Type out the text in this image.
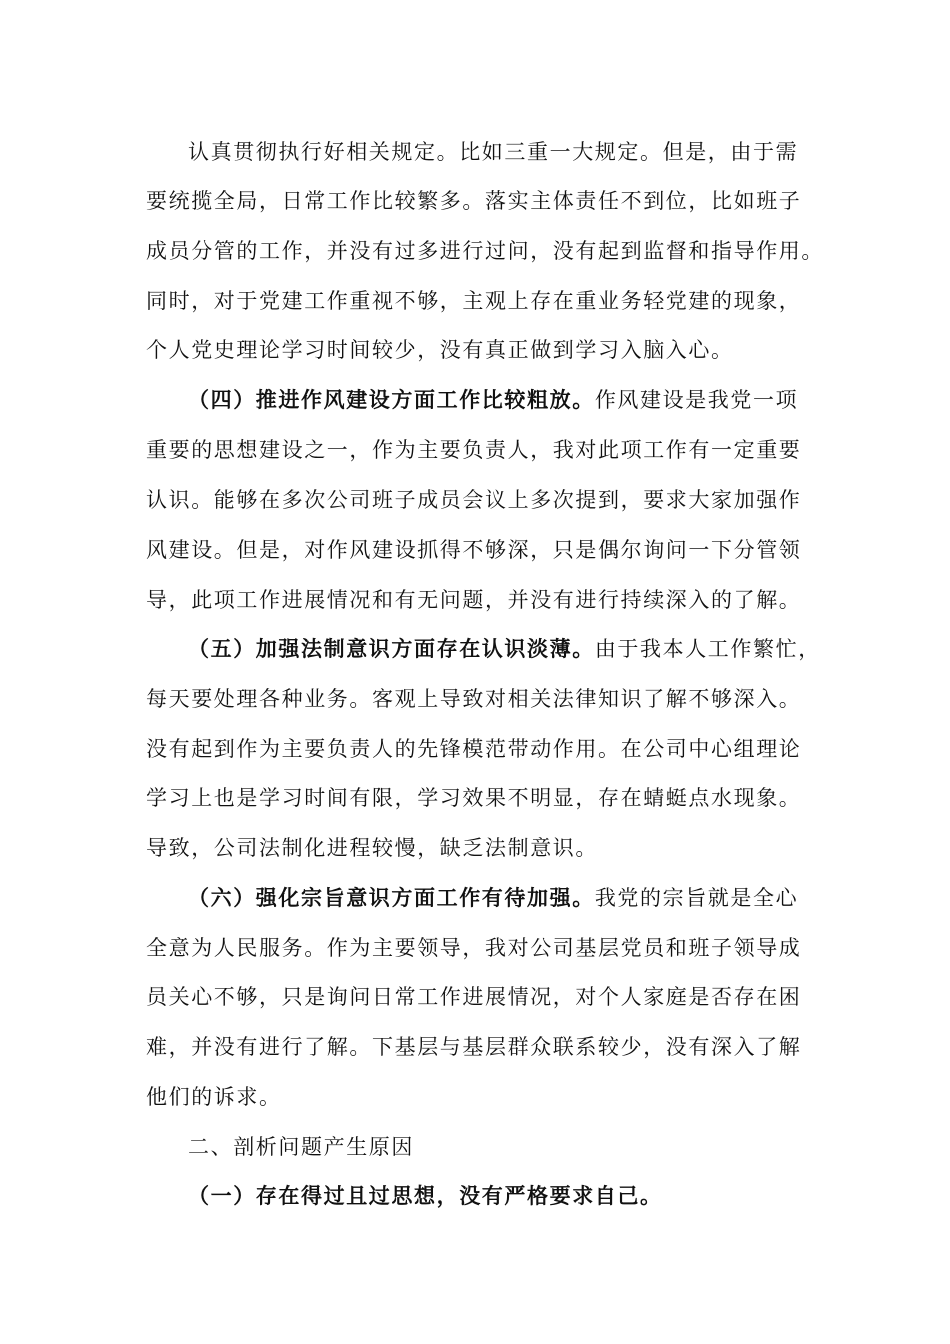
认真贯彻执行好相关规定。比如三重一大规定。但是，由于需
要统揽全局，日常工作比较繁多。落实主体责任不到位，比如班子
成员分管的工作，并没有过多进行过问，没有起到监督和指导作用。
同时，对于党建工作重视不够，主观上存在重业务轻党建的现象，
个人党史理论学习时间较少，没有真正做到学习入脑入心。
（四）推进作风建设方面工作比较粗放。作风建设是我党一项
重要的思想建设之一，作为主要负责人，我对此项工作有一定重要
认识。能够在多次公司班子成员会议上多次提到，要求大家加强作
风建设。但是，对作风建设抓得不够深，只是偶尔询问一下分管领
导，此项工作进展情况和有无问题，并没有进行持续深入的了解。
（五）加强法制意识方面存在认识淡薄。由于我本人工作繁忙，
每天要处理各种业务。客观上导致对相关法律知识了解不够深入。
没有起到作为主要负责人的先锋模范带动作用。在公司中心组理论
学习上也是学习时间有限，学习效果不明显，存在蜻蜓点水现象。
导致，公司法制化进程较慢，缺乏法制意识。
（六）强化宗旨意识方面工作有待加强。我党的宗旨就是全心
全意为人民服务。作为主要领导，我对公司基层党员和班子领导成
员关心不够，只是询问日常工作进展情况，对个人家庭是否存在困
难，并没有进行了解。下基层与基层群众联系较少，没有深入了解
他们的诉求。
二、剖析问题产生原因
（一）存在得过且过思想，没有严格要求自己。
